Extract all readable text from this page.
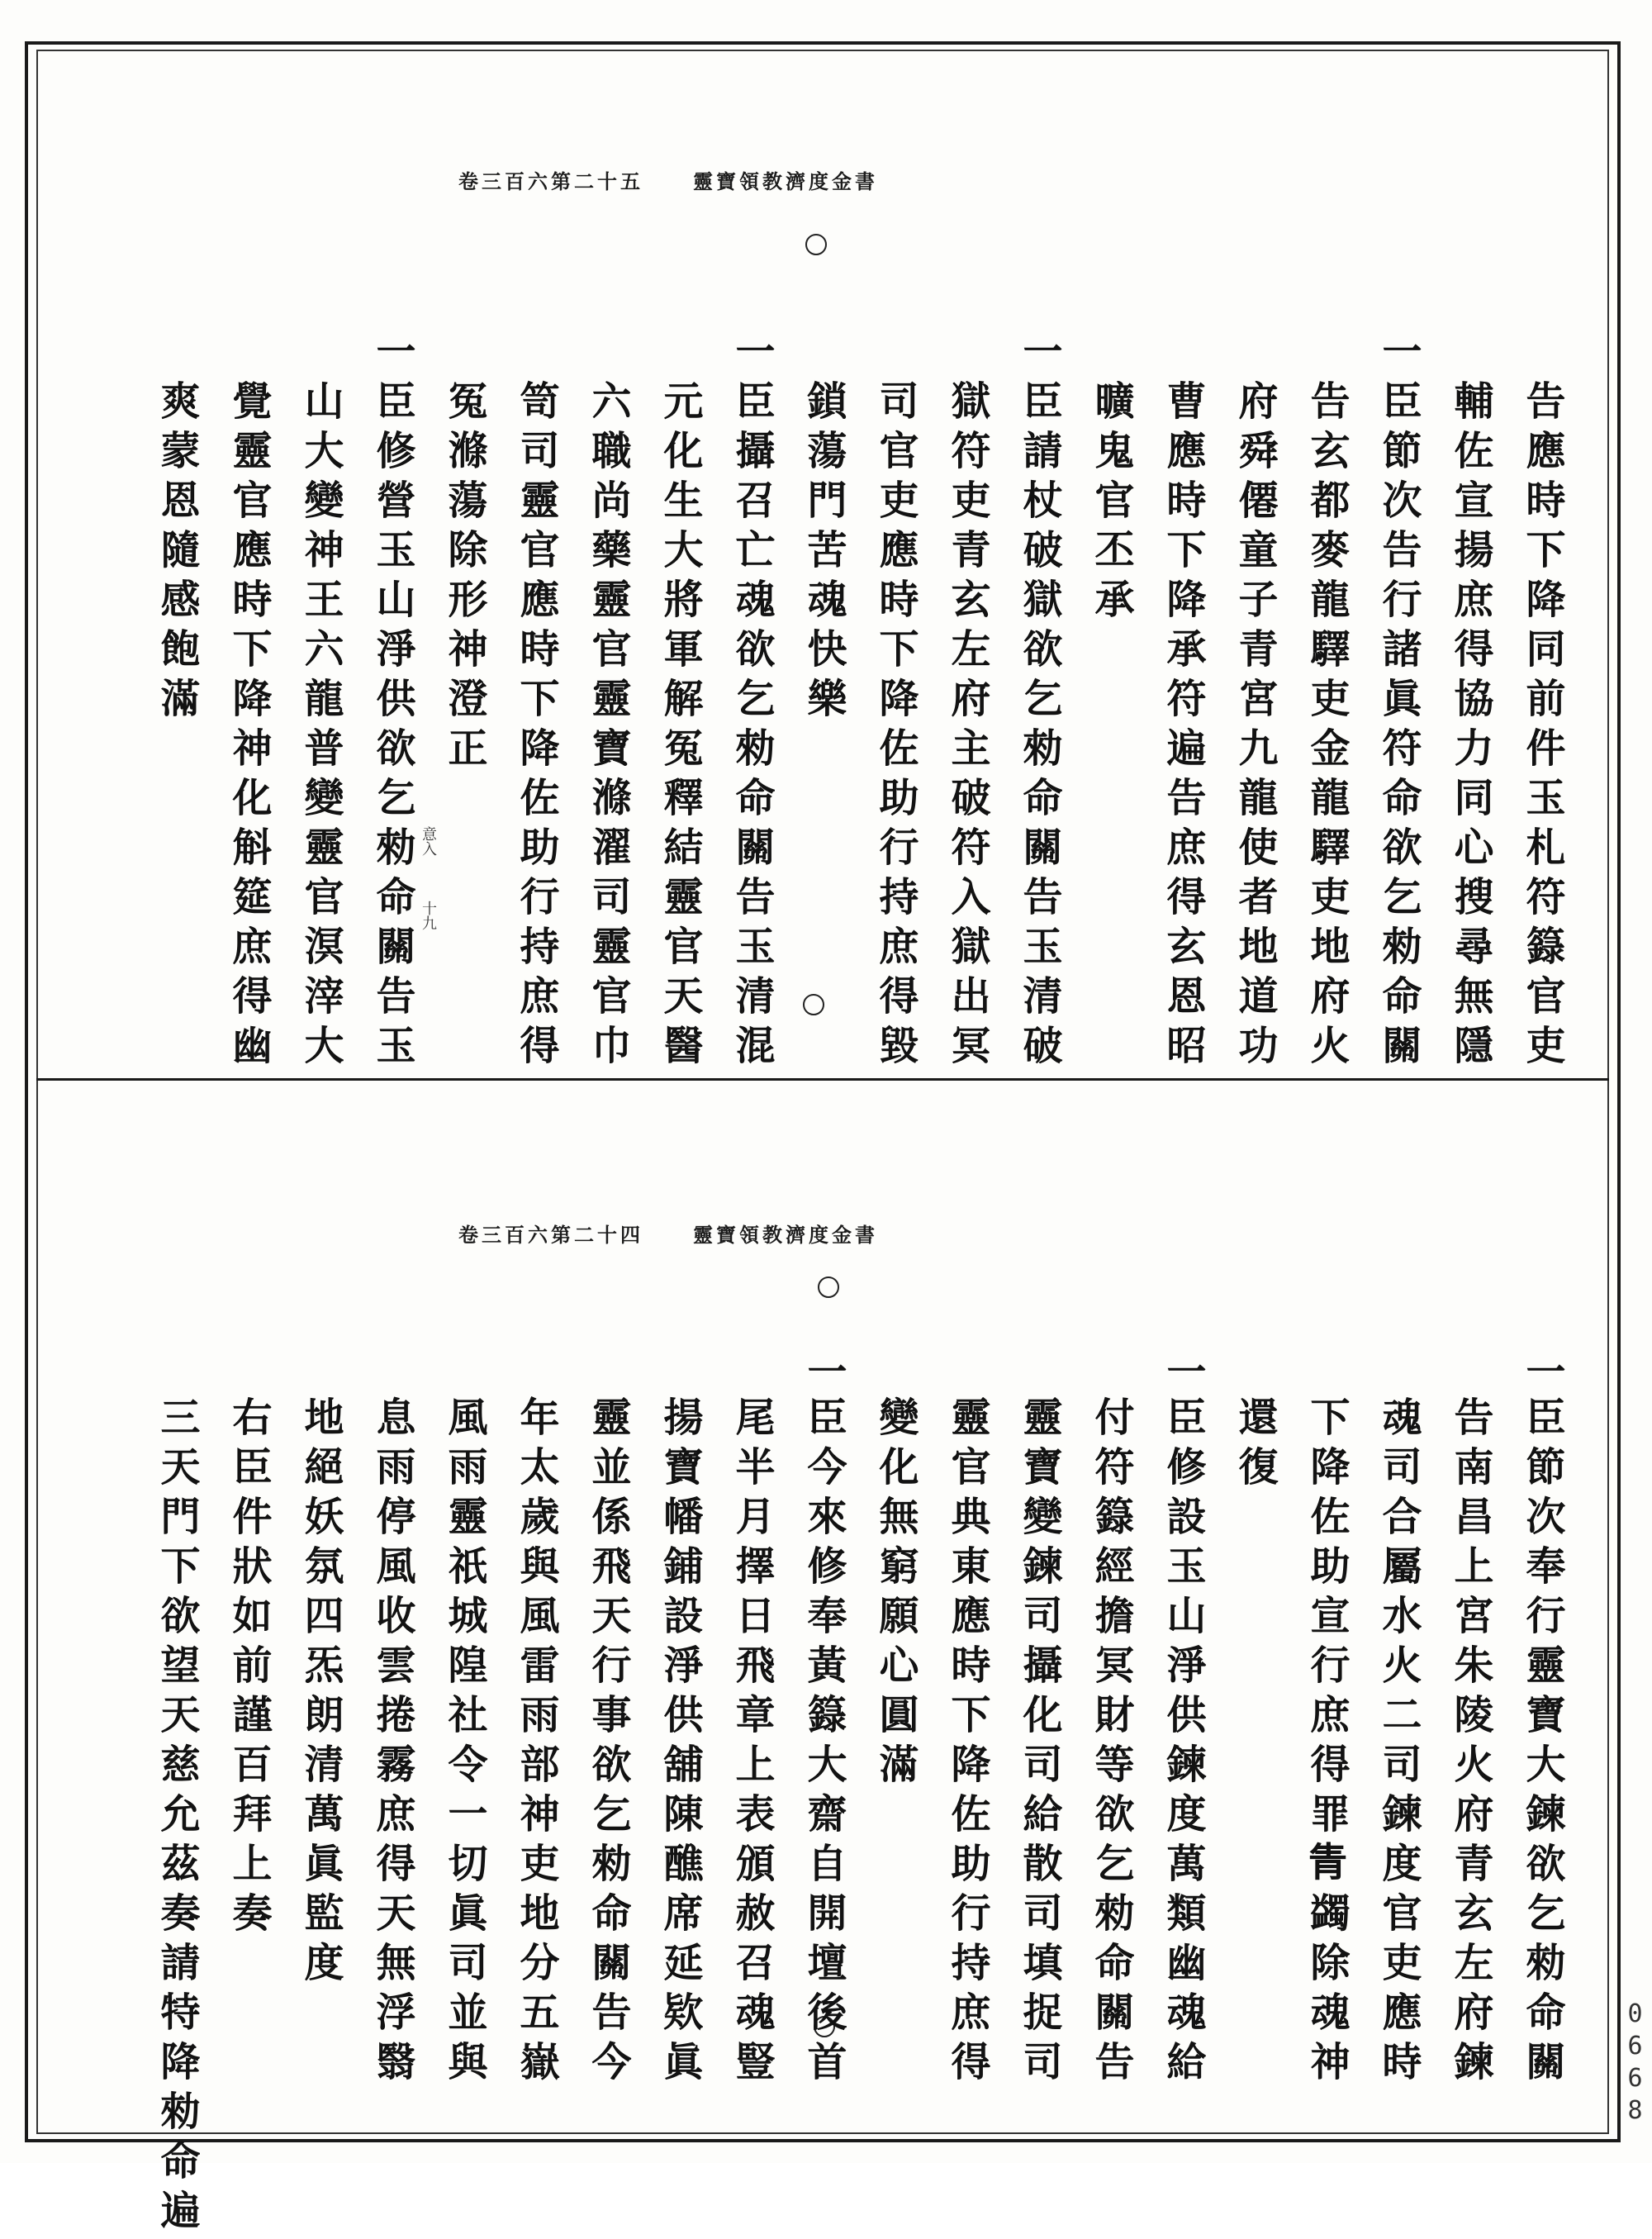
卷三百六第二十五	靈寶領教濟度金書
告應時下降同前件玉札符籙官吏
輔佐宣揚庶得協力同心搜尋無隱
一
臣節次告行諸眞符命欲乞勑命關
告玄都麥龍驛吏金龍驛吏地府火
府舜僊童子青宮九龍使者地道功
曹應時下降承符遍告庶得玄恩昭
曠鬼官丕承
一
臣請杖破獄欲乞勑命關告玉清破
獄符吏青玄左府主破符入獄出冥
司官吏應時下降佐助行持庶得毀
鎖蕩門苦魂快樂
一
臣攝召亡魂欲乞勑命關告玉清混
元化生大將軍解冤釋結靈官天醫
六職尚藥靈官靈寶滌濯司靈官巾
笥司靈官應時下降佐助行持庶得
冤滌蕩除形神澄正
一
臣修營玉山淨供欲乞勑命關告玉
山大變神王六龍普變靈官溟滓大
覺靈官應時下降神化斛筵庶得幽
爽蒙恩隨感飽滿
意入
十九
卷三百六第二十四	靈寶領教濟度金書
一
臣節次奉行靈寶大鍊欲乞勑命關
告南昌上宮朱陵火府青玄左府鍊
魂司合屬水火二司鍊度官吏應時
下降佐助宣行庶得罪𤯝蠲除魂神
還復
一
臣修設玉山淨供鍊度萬類幽魂給
付符籙經擔冥財等欲乞勑命關告
靈寶變鍊司攝化司給散司填捉司
靈官典東應時下降佐助行持庶得
變化無窮願心圓滿
一
臣今來修奉黃籙大齋自開壇後首
尾半月擇日飛章上表頒赦召魂豎
揚寶幡鋪設淨供舖陳醮席延欵眞
靈並係飛天行事欲乞勑命關告今
年太歲與風雷雨部神吏地分五嶽
風雨靈祇城隍社令一切眞司並與
息雨停風收雲捲霧庶得天無浮翳
地絕妖氛四炁朗清萬眞監度
右臣件狀如前謹百拜上奏
三天門下欲望天慈允茲奏請特降勑命遍	0668
